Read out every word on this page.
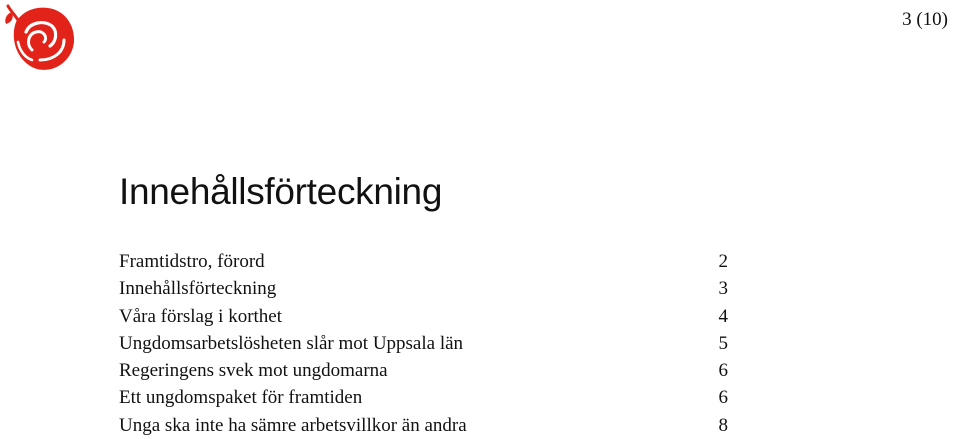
3 (10)
Innehållsförteckning
Framtidstro, förord	2
Innehållsförteckning	3
Våra förslag i korthet	4
Ungdomsarbetslösheten slår mot Uppsala län	5
Regeringens svek mot ungdomarna	6
Ett ungdomspaket för framtiden	6
Unga ska inte ha sämre arbetsvillkor än andra	8
